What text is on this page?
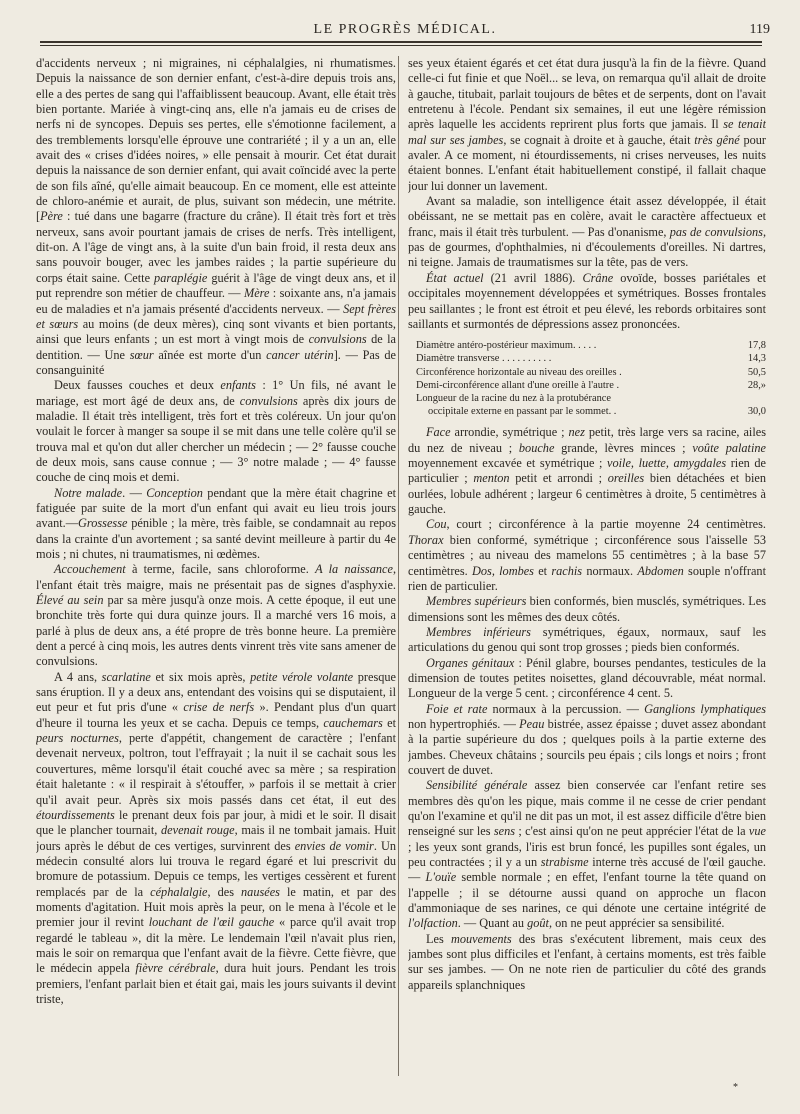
LE PROGRÈS MÉDICAL.	119

d'accidents nerveux ; ni migraines, ni céphalalgies, ni rhumatismes. Depuis la naissance de son dernier enfant, c'est-à-dire depuis trois ans, elle a des pertes de sang qui l'affaiblissent beaucoup. Avant, elle était très bien portante. Mariée à vingt-cinq ans, elle n'a jamais eu de crises de nerfs ni de syncopes. Depuis ses pertes, elle s'émotionne facilement, a des tremblements lorsqu'elle éprouve une contrariété ; il y a un an, elle avait des « crises d'idées noires, » elle pensait à mourir. Cet état durait depuis la naissance de son dernier enfant, qui avait coïncidé avec la perte de son fils aîné, qu'elle aimait beaucoup. En ce moment, elle est atteinte de chloro-anémie et aurait, de plus, suivant son médecin, une métrite. [Père : tué dans une bagarre (fracture du crâne). Il était très fort et très nerveux, sans avoir pourtant jamais de crises de nerfs. Très intelligent, dit-on. A l'âge de vingt ans, à la suite d'un bain froid, il resta deux ans sans pouvoir bouger, avec les jambes raides ; la partie supérieure du corps était saine. Cette paraplégie guérit à l'âge de vingt deux ans, et il put reprendre son métier de chauffeur. — Mère : soixante ans, n'a jamais eu de maladies et n'a jamais présenté d'accidents nerveux. — Sept frères et sœurs au moins (de deux mères), cinq sont vivants et bien portants, ainsi que leurs enfants ; un est mort à vingt mois de convulsions de la dentition. — Une sœur aînée est morte d'un cancer utérin]. — Pas de consanguinité

Deux fausses couches et deux enfants : 1° Un fils, né avant le mariage, est mort âgé de deux ans, de convulsions après dix jours de maladie. Il était très intelligent, très fort et très coléreux. Un jour qu'on voulait le forcer à manger sa soupe il se mit dans une telle colère qu'il se trouva mal et qu'on dut aller chercher un médecin ; — 2° fausse couche de deux mois, sans cause connue ; — 3° notre malade ; — 4° fausse couche de cinq mois et demi.

Notre malade. — Conception pendant que la mère était chagrine et fatiguée par suite de la mort d'un enfant qui avait eu lieu trois jours avant.—Grossesse pénible ; la mère, très faible, se condamnait au repos dans la crainte d'un avortement ; sa santé devint meilleure à partir du 4e mois ; ni chutes, ni traumatismes, ni œdèmes.

Accouchement à terme, facile, sans chloroforme. A la naissance, l'enfant était très maigre, mais ne présentait pas de signes d'asphyxie. Élevé au sein par sa mère jusqu'à onze mois. A cette époque, il eut une bronchite très forte qui dura quinze jours. Il a marché vers 16 mois, a parlé à plus de deux ans, a été propre de très bonne heure. La première dent a percé à cinq mois, les autres dents vinrent très vite sans amener de convulsions.

A 4 ans, scarlatine et six mois après, petite vérole volante presque sans éruption. Il y a deux ans, entendant des voisins qui se disputaient, il eut peur et fut pris d'une « crise de nerfs ». Pendant plus d'un quart d'heure il tourna les yeux et se cacha. Depuis ce temps, cauchemars et peurs nocturnes, perte d'appétit, changement de caractère ; l'enfant devenait nerveux, poltron, tout l'effrayait ; la nuit il se cachait sous les couvertures, même lorsqu'il était couché avec sa mère ; sa respiration était haletante : « il respirait à s'étouffer, » parfois il se mettait à crier qu'il avait peur. Après six mois passés dans cet état, il eut des étourdissements le prenant deux fois par jour, à midi et le soir. Il disait que le plancher tournait, devenait rouge, mais il ne tombait jamais. Huit jours après le début de ces vertiges, survinrent des envies de vomir. Un médecin consulté alors lui trouva le regard égaré et lui prescrivit du bromure de potassium. Depuis ce temps, les vertiges cessèrent et furent remplacés par de la céphalalgie, des nausées le matin, et par des moments d'agitation. Huit mois après la peur, on le mena à l'école et le premier jour il revint louchant de l'œil gauche « parce qu'il avait trop regardé le tableau », dit la mère. Le lendemain l'œil n'avait plus rien, mais le soir on remarqua que l'enfant avait de la fièvre. Cette fièvre, que le médecin appela fièvre cérébrale, dura huit jours. Pendant les trois premiers, l'enfant parlait bien et était gai, mais les jours suivants il devint triste,

ses yeux étaient égarés et cet état dura jusqu'à la fin de la fièvre. Quand celle-ci fut finie et que Noël... se leva, on remarqua qu'il allait de droite à gauche, titubait, parlait toujours de bêtes et de serpents, dont on l'avait entretenu à l'école. Pendant six semaines, il eut une légère rémission après laquelle les accidents reprirent plus forts que jamais. Il se tenait mal sur ses jambes, se cognait à droite et à gauche, était très gêné pour avaler. A ce moment, ni étourdissements, ni crises nerveuses, les nuits étaient bonnes. L'enfant était habituellement constipé, il fallait chaque jour lui donner un lavement.

Avant sa maladie, son intelligence était assez développée, il était obéissant, ne se mettait pas en colère, avait le caractère affectueux et franc, mais il était très turbulent. — Pas d'onanisme, pas de convulsions, pas de gourmes, d'ophthalmies, ni d'écoulements d'oreilles. Ni dartres, ni teigne. Jamais de traumatismes sur la tête, pas de vers.

État actuel (21 avril 1886). Crâne ovoïde, bosses pariétales et occipitales moyennement développées et symétriques. Bosses frontales peu saillantes ; le front est étroit et peu élevé, les rebords orbitaires sont saillants et surmontés de dépressions assez prononcées.

Diamètre antéro-postérieur maximum. . . . .	17,8
Diamètre transverse . . . . . . . . . .	14,3
Circonférence horizontale au niveau des oreilles .	50,5
Demi-circonférence allant d'une oreille à l'autre .	28,»
Longueur de la racine du nez à la protubérance
occipitale externe en passant par le sommet. .	30,0

Face arrondie, symétrique ; nez petit, très large vers sa racine, ailes du nez de niveau ; bouche grande, lèvres minces ; voûte palatine moyennement excavée et symétrique ; voile, luette, amygdales rien de particulier ; menton petit et arrondi ; oreilles bien détachées et bien ourlées, lobule adhérent ; largeur 6 centimètres à droite, 5 centimètres à gauche.

Cou, court ; circonférence à la partie moyenne 24 centimètres. Thorax bien conformé, symétrique ; circonférence sous l'aisselle 53 centimètres ; au niveau des mamelons 55 centimètres ; à la base 57 centimètres. Dos, lombes et rachis normaux. Abdomen souple n'offrant rien de particulier.

Membres supérieurs bien conformés, bien musclés, symétriques. Les dimensions sont les mêmes des deux côtés.

Membres inférieurs symétriques, égaux, normaux, sauf les articulations du genou qui sont trop grosses ; pieds bien conformés.

Organes génitaux : Pénil glabre, bourses pendantes, testicules de la dimension de toutes petites noisettes, gland découvrable, méat normal. Longueur de la verge 5 cent. ; circonférence 4 cent. 5.

Foie et rate normaux à la percussion. — Ganglions lymphatiques non hypertrophiés. — Peau bistrée, assez épaisse ; duvet assez abondant à la partie supérieure du dos ; quelques poils à la partie externe des jambes. Cheveux châtains ; sourcils peu épais ; cils longs et noirs ; front couvert de duvet.

Sensibilité générale assez bien conservée car l'enfant retire ses membres dès qu'on les pique, mais comme il ne cesse de crier pendant qu'on l'examine et qu'il ne dit pas un mot, il est assez difficile d'être bien renseigné sur les sens ; c'est ainsi qu'on ne peut apprécier l'état de la vue ; les yeux sont grands, l'iris est brun foncé, les pupilles sont égales, un peu contractées ; il y a un strabisme interne très accusé de l'œil gauche. — L'ouïe semble normale ; en effet, l'enfant tourne la tête quand on l'appelle ; il se détourne aussi quand on approche un flacon d'ammoniaque de ses narines, ce qui dénote une certaine intégrité de l'olfaction. — Quant au goût, on ne peut apprécier sa sensibilité.

Les mouvements des bras s'exécutent librement, mais ceux des jambes sont plus difficiles et l'enfant, à certains moments, est très faible sur ses jambes. — On ne note rien de particulier du côté des grands appareils splanchniques

*
